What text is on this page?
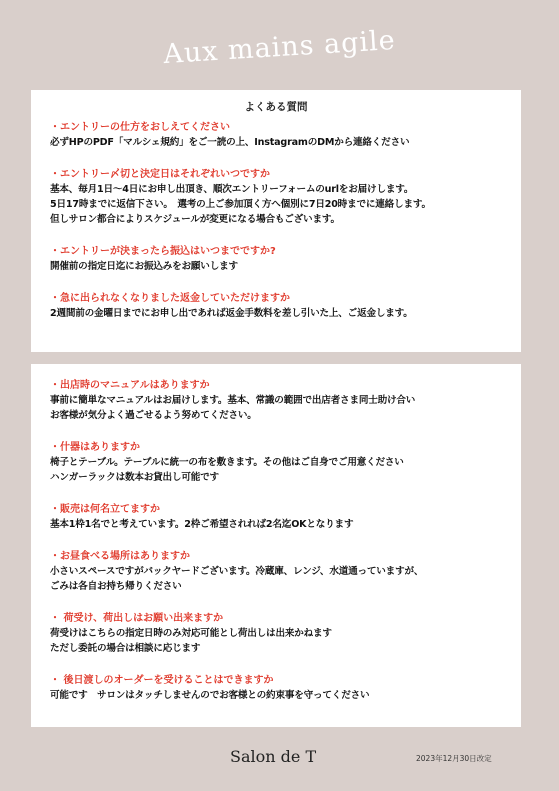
Aux mains agile
よくある質問
・エントリーの仕方をおしえてください
必ずHPのPDF「マルシェ規約」をご一読の上、InstagramのDMから連絡ください
・エントリー〆切と決定日はそれぞれいつですか
基本、毎月1日～4日にお申し出頂き、順次エントリーフォームのurlをお届けします。
5日17時までに返信下さい。　選考の上ご参加頂く方へ個別に7日20時までに連絡します。
但しサロン都合によりスケジュールが変更になる場合もございます。
・エントリーが決まったら振込はいつまでですか?
開催前の指定日迄にお振込みをお願いします
・急に出られなくなりました返金していただけますか
2週間前の金曜日までにお申し出であれば返金手数料を差し引いた上、ご返金します。
・出店時のマニュアルはありますか
事前に簡単なマニュアルはお届けします。基本、常識の範囲で出店者さま同士助け合い
お客様が気分よく過ごせるよう努めてください。
・什器はありますか
椅子とテーブル。テーブルに統一の布を敷きます。その他はご自身でご用意ください
ハンガーラックは数本お貸出し可能です
・販売は何名立てますか
基本1枠1名でと考えています。2枠ご希望されれば2名迄OKとなります
・お昼食べる場所はありますか
小さいスペースですがバックヤードございます。冷蔵庫、レンジ、水道通っていますが、
ごみは各自お持ち帰りください
・ 荷受け、荷出しはお願い出来ますか
荷受けはこちらの指定日時のみ対応可能とし荷出しは出来かねます
ただし委託の場合は相談に応じます
・ 後日渡しのオーダーを受けることはできますか
可能です　サロンはタッチしませんのでお客様との約束事を守ってください
Salon de T	2023年12月30日改定
